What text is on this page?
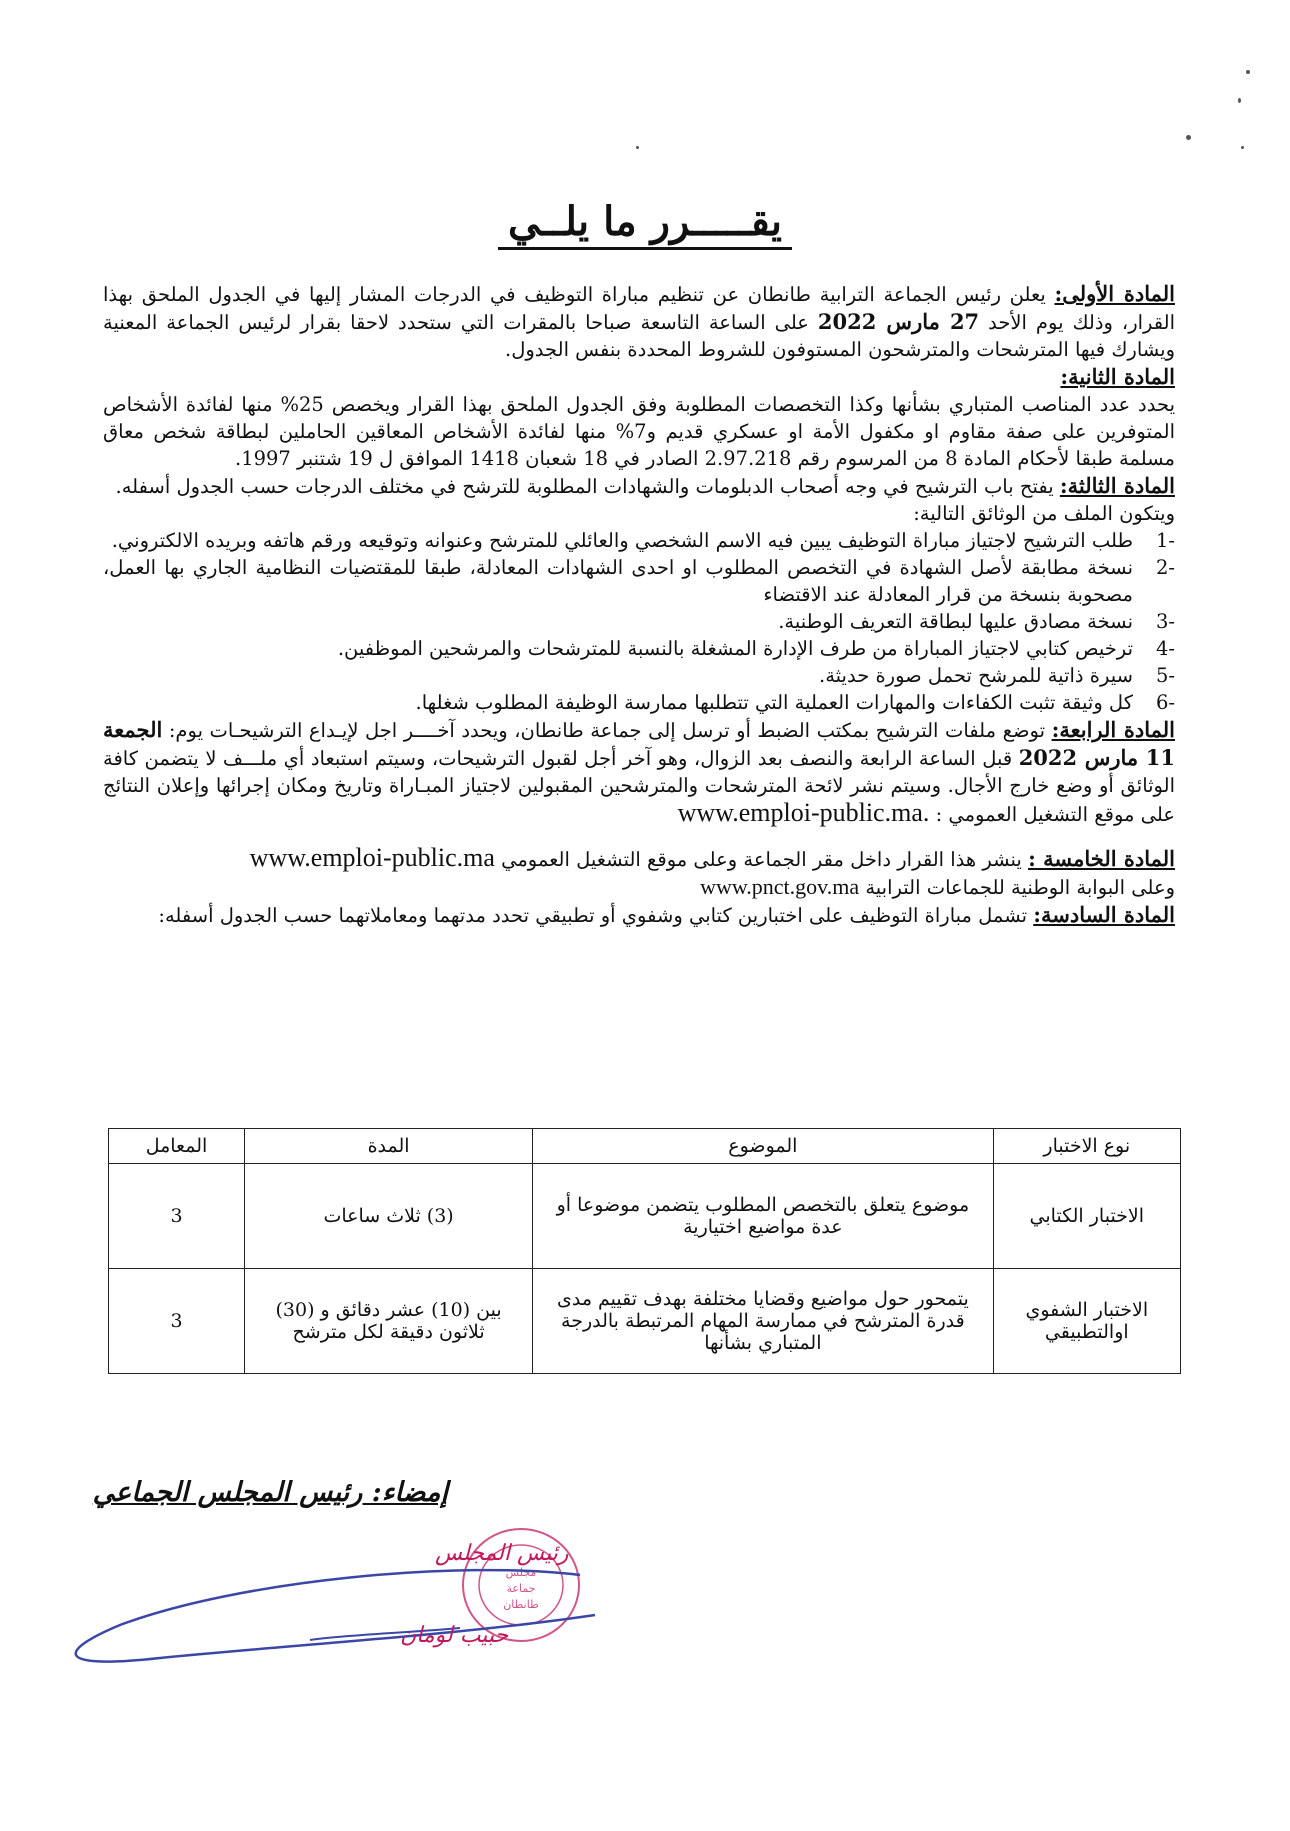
يقـــــرر ما يلــي

المادة الأولى: يعلن رئيس الجماعة الترابية طانطان عن تنظيم مباراة التوظيف في الدرجات المشار إليها في الجدول الملحق بهذا القرار، وذلك يوم الأحد 27 مارس 2022 على الساعة التاسعة صباحا بالمقرات التي ستحدد لاحقا بقرار لرئيس الجماعة المعنية ويشارك فيها المترشحات والمترشحون المستوفون للشروط المحددة بنفس الجدول.

المادة الثانية:
يحدد عدد المناصب المتباري بشأنها وكذا التخصصات المطلوبة وفق الجدول الملحق بهذا القرار ويخصص 25% منها لفائدة الأشخاص المتوفرين على صفة مقاوم او مكفول الأمة او عسكري قديم و7% منها لفائدة الأشخاص المعاقين الحاملين لبطاقة شخص معاق مسلمة طبقا لأحكام المادة 8 من المرسوم رقم 2.97.218 الصادر في 18 شعبان 1418 الموافق ل 19 شتنبر 1997.

المادة الثالثة: يفتح باب الترشيح في وجه أصحاب الدبلومات والشهادات المطلوبة للترشح في مختلف الدرجات حسب الجدول أسفله.
ويتكون الملف من الوثائق التالية:

-1
طلب الترشيح لاجتياز مباراة التوظيف يبين فيه الاسم الشخصي والعائلي للمترشح وعنوانه وتوقيعه ورقم هاتفه وبريده الالكتروني.
-2
نسخة مطابقة لأصل الشهادة في التخصص المطلوب او احدى الشهادات المعادلة، طبقا للمقتضيات النظامية الجاري بها العمل، مصحوبة بنسخة من قرار المعادلة عند الاقتضاء
-3
نسخة مصادق عليها لبطاقة التعريف الوطنية.
-4
ترخيص كتابي لاجتياز المباراة من طرف الإدارة المشغلة بالنسبة للمترشحات والمرشحين الموظفين.
-5
سيرة ذاتية للمرشح تحمل صورة حديثة.
-6
كل وثيقة تثبت الكفاءات والمهارات العملية التي تتطلبها ممارسة الوظيفة المطلوب شغلها.

المادة الرابعة: توضع ملفات الترشيح بمكتب الضبط أو ترسل إلى جماعة طانطان، ويحدد آخــــر اجل لإيـداع الترشيحـات يوم: الجمعة 11 مارس 2022 قبل الساعة الرابعة والنصف بعد الزوال، وهو آخر أجل لقبول الترشيحات، وسيتم استبعاد أي ملـــف لا يتضمن كافة الوثائق أو وضع خارج الأجال. وسيتم نشر لائحة المترشحات والمترشحين المقبولين لاجتياز المبـاراة وتاريخ ومكان إجرائها وإعلان النتائج على موقع التشغيل العمومي : www.emploi-public.ma.

المادة الخامسة : ينشر هذا القرار داخل مقر الجماعة وعلى موقع التشغيل العمومي www.emploi-public.ma
وعلى البوابة الوطنية للجماعات الترابية www.pnct.gov.ma

المادة السادسة: تشمل مباراة التوظيف على اختبارين كتابي وشفوي أو تطبيقي تحدد مدتهما ومعاملاتهما حسب الجدول أسفله:

نوع الاختبار	الموضوع	المدة	المعامل
الاختبار الكتابي	موضوع يتعلق بالتخصص المطلوب يتضمن موضوعا أو عدة مواضيع اختيارية	(3) ثلاث ساعات	3
الاختبار الشفوي اوالتطبيقي	يتمحور حول مواضيع وقضايا مختلفة بهدف تقييم مدى قدرة المترشح في ممارسة المهام المرتبطة بالدرجة المتباري بشأنها	بين (10) عشر دقائق و (30) ثلاثون دقيقة لكل مترشح	3
إمضاء: رئيس المجلس الجماعي
مجلس
جماعة
طانطان
رئيس المجلس
حبيب لومان
